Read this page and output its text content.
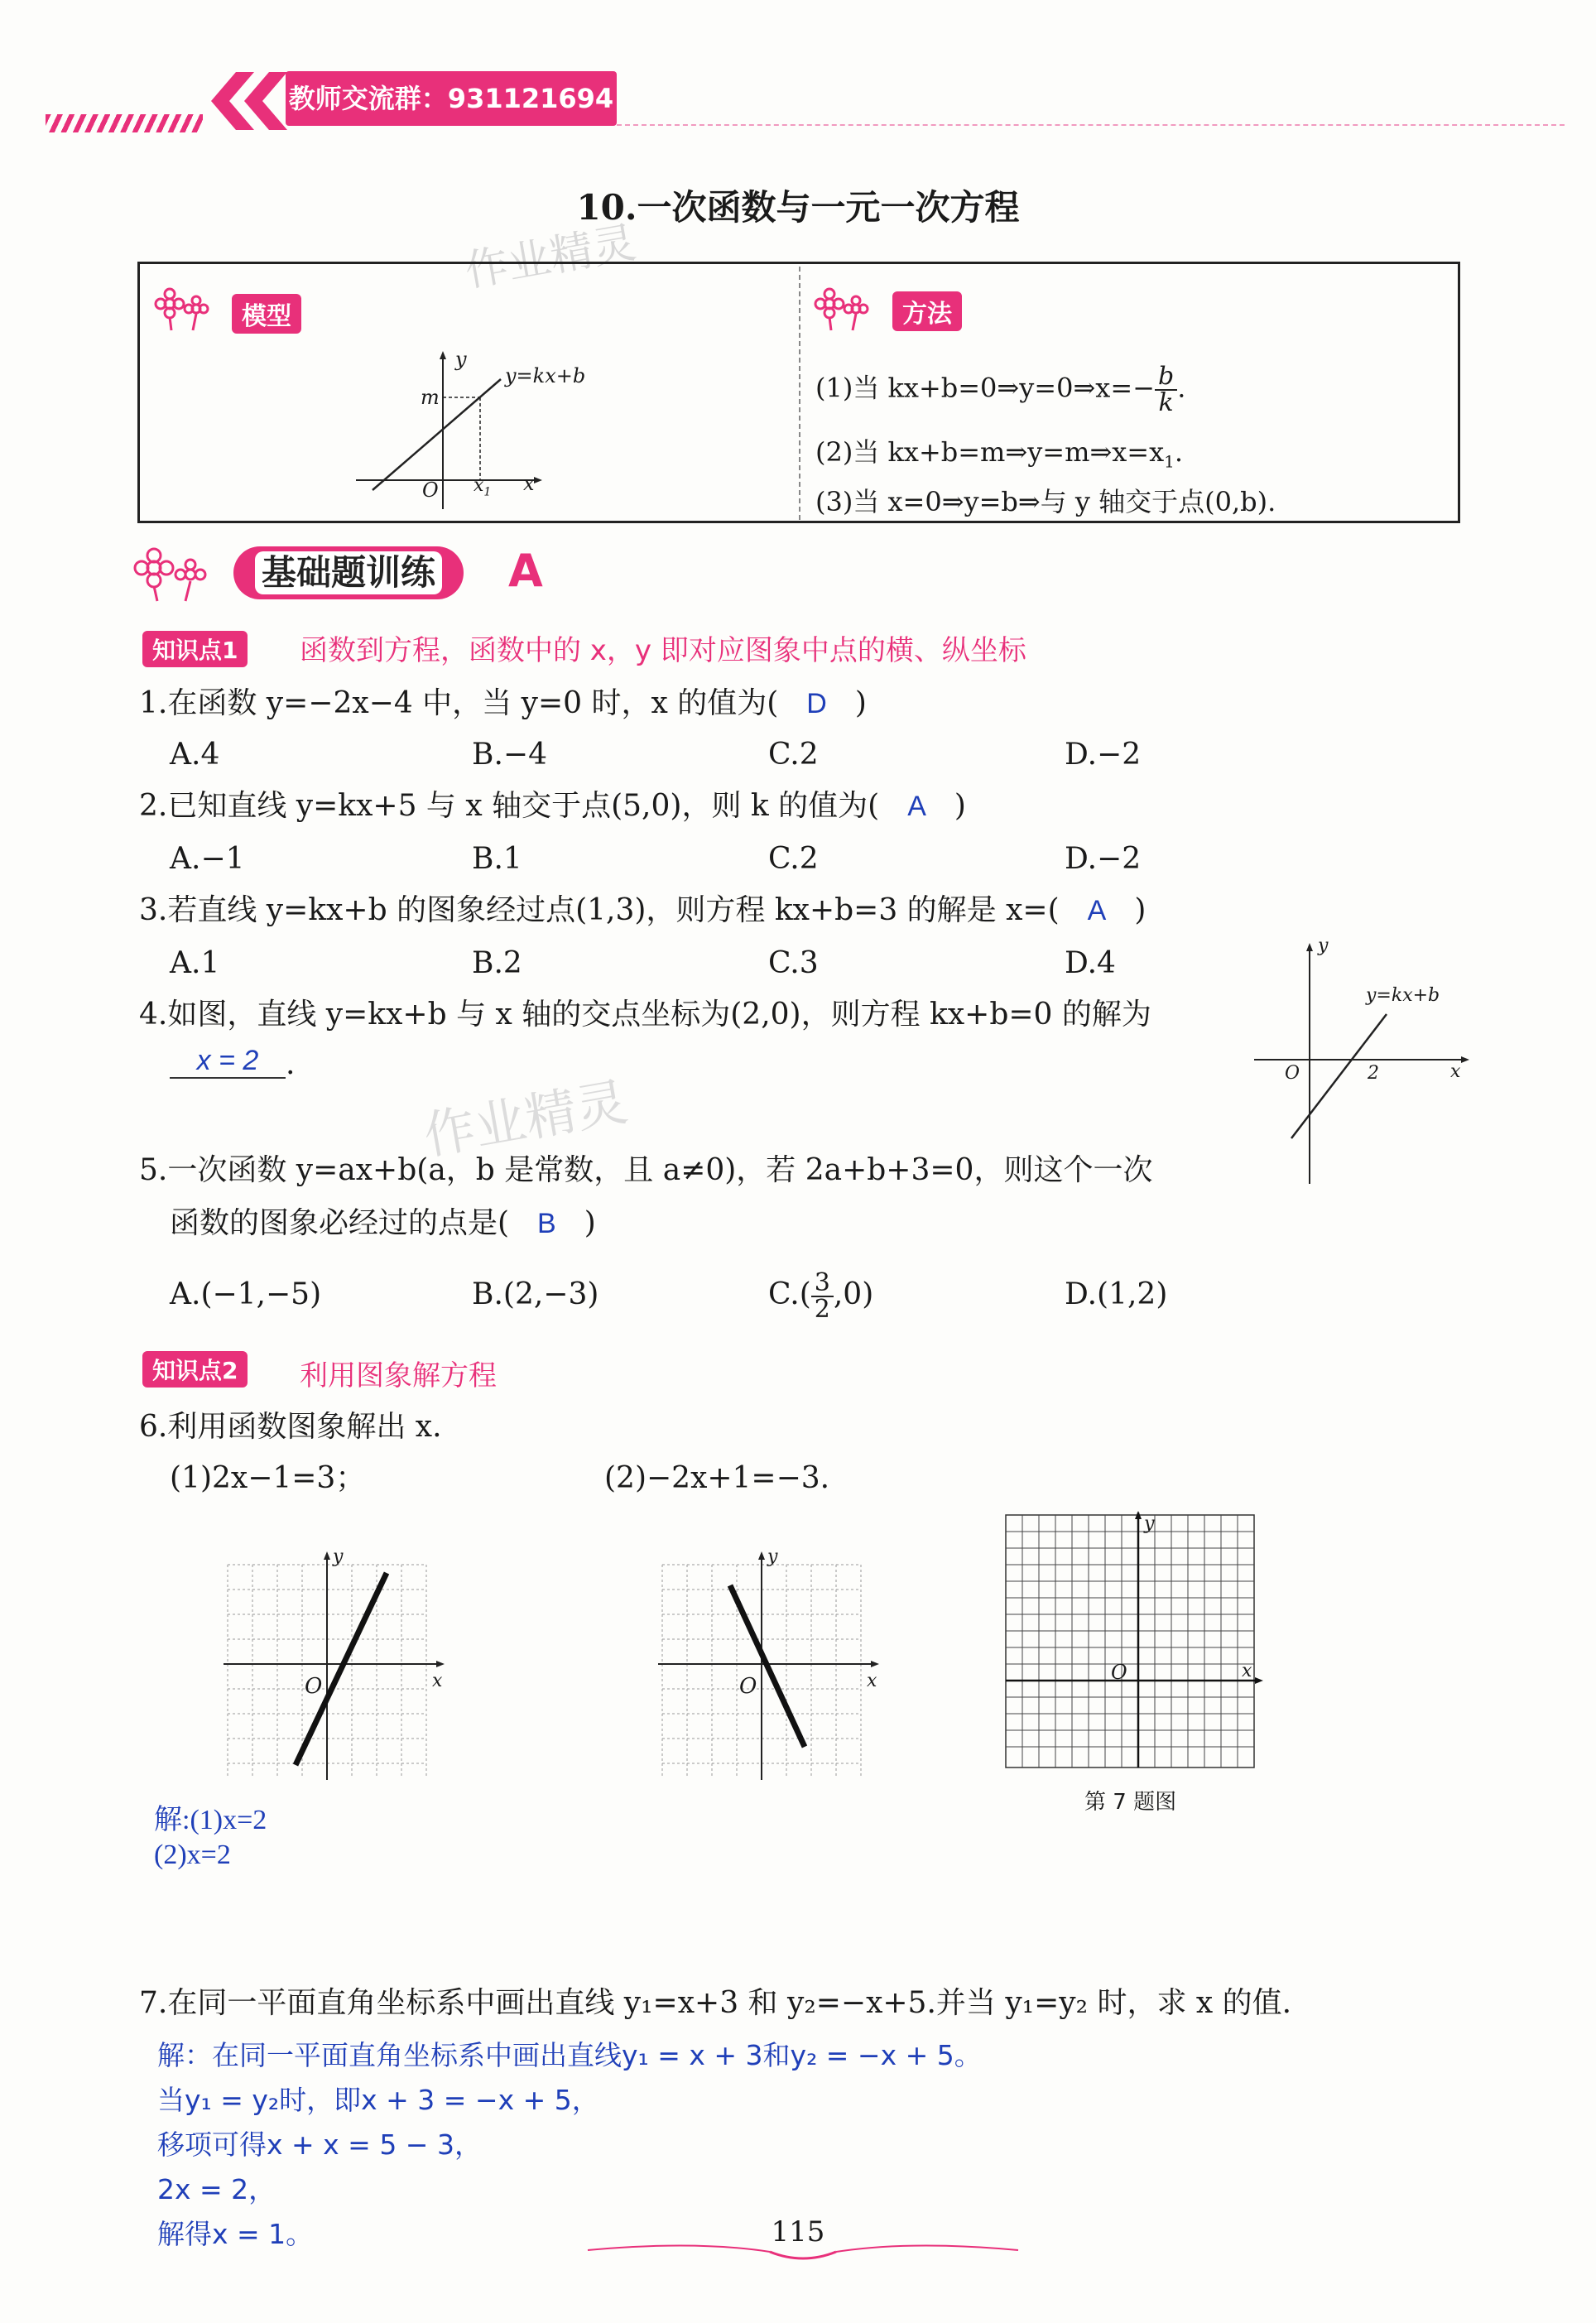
教师交流群：931121694
10.一次函数与一元一次方程
作业精灵
模型
y
y=kx+b
m
O $x_1$ x
方法
(1)当 kx+b=0⇒y=0⇒x=− $\frac{b}{k}$ .
(2)当 $kx+b=m\Rightarrow y=m\Rightarrow x=x_1$.
(3)当 x=0⇒y=b⇒与 y 轴交于点(0,b).
基础题训练	A
知识点1	函数到方程，函数中的 x，y 即对应图象中点的横、纵坐标
1.在函数 y=−2x−4 中，当 y=0 时，x 的值为( D )
A.4	B.−4	C.2	D.−2
2.已知直线 y=kx+5 与 x 轴交于点(5,0)，则 k 的值为( A )
A.−1	B.1	C.2	D.−2
3.若直线 y=kx+b 的图象经过点(1,3)，则方程 kx+b=3 的解是 x=( A )
A.1	B.2	C.3	D.4
4.如图，直线 y=kx+b 与 x 轴的交点坐标为(2,0)，则方程 kx+b=0 的解为
x = 2 .
y
y=kx+b
O	2	x
作业精灵
5.一次函数 y=ax+b(a，b 是常数，且 a≠0)，若 2a+b+3=0，则这个一次
函数的图象必经过的点是( B )
A.(−1,−5)	B.(2,−3)	$C.( \frac{3}{2} ,0)$	D.(1,2)
知识点2	利用图象解方程
6.利用函数图象解出 x.
(1)2x−1=3；	(2)−2x+1=−3.
y
O	x
y
O	x
y
O	x
第 7 题图
解:(1)x=2
(2)x=2
7.在同一平面直角坐标系中画出直线 y₁=x+3 和 y₂=−x+5.并当 y₁=y₂ 时，求 x 的值.
解：在同一平面直角坐标系中画出直线y₁ = x + 3和y₂ = −x + 5。
当y₁ = y₂时，即x + 3 = −x + 5，
移项可得x + x = 5 − 3，
2x = 2，
解得x = 1。	115
